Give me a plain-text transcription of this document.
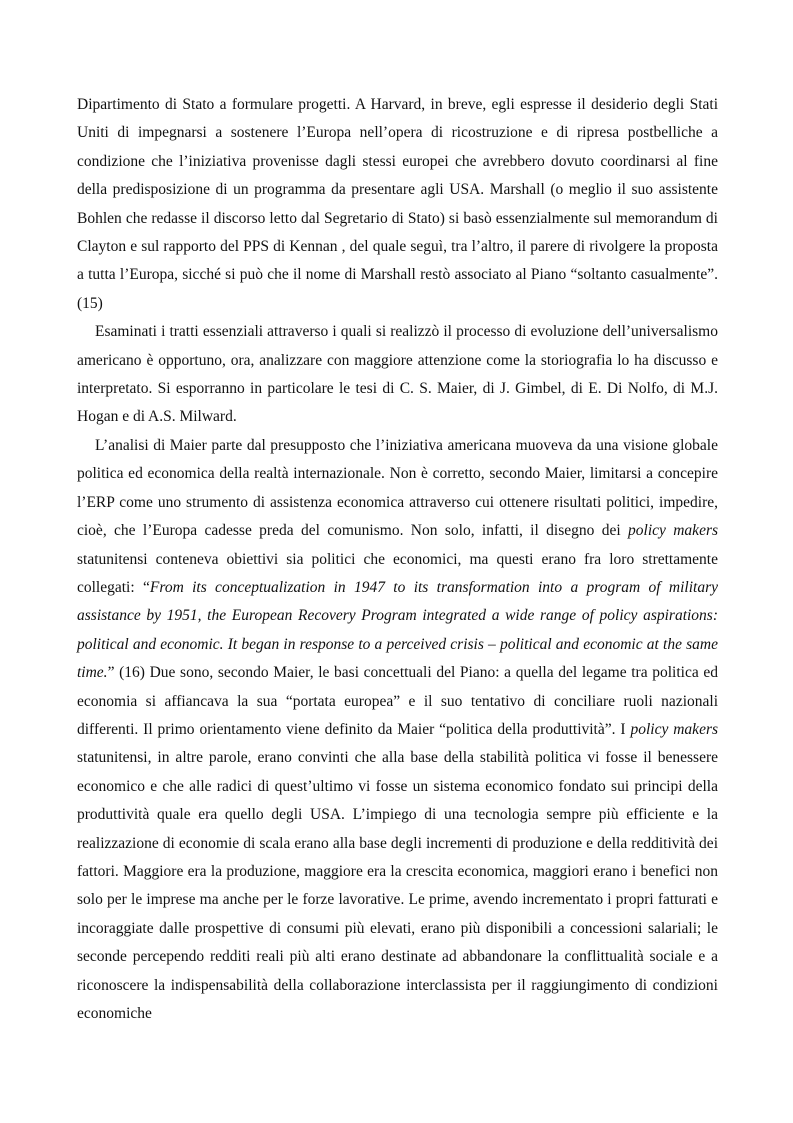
Dipartimento di Stato a formulare progetti. A Harvard, in breve, egli espresse il desiderio degli Stati Uniti di impegnarsi a sostenere l’Europa nell’opera di ricostruzione e di ripresa postbelliche a condizione che l’iniziativa provenisse dagli stessi europei che avrebbero dovuto coordinarsi al fine della predisposizione di un programma da presentare agli USA. Marshall (o meglio il suo assistente Bohlen che redasse il discorso letto dal Segretario di Stato) si basò essenzialmente sul memorandum di Clayton e sul rapporto del PPS di Kennan , del quale seguì, tra l’altro, il parere di rivolgere la proposta a tutta l’Europa, sicché si può che il nome di Marshall restò associato al Piano “soltanto casualmente”. (15)

Esaminati i tratti essenziali attraverso i quali si realizzò il processo di evoluzione dell’universalismo americano è opportuno, ora, analizzare con maggiore attenzione come la storiografia lo ha discusso e interpretato. Si esporranno in particolare le tesi di C. S. Maier, di J. Gimbel, di E. Di Nolfo, di M.J. Hogan e di A.S. Milward.

L’analisi di Maier parte dal presupposto che l’iniziativa americana muoveva da una visione globale politica ed economica della realtà internazionale. Non è corretto, secondo Maier, limitarsi a concepire l’ERP come uno strumento di assistenza economica attraverso cui ottenere risultati politici, impedire, cioè, che l’Europa cadesse preda del comunismo. Non solo, infatti, il disegno dei policy makers statunitensi conteneva obiettivi sia politici che economici, ma questi erano fra loro strettamente collegati: “From its conceptualization in 1947 to its transformation into a program of military assistance by 1951, the European Recovery Program integrated a wide range of policy aspirations: political and economic. It began in response to a perceived crisis – political and economic at the same time.” (16) Due sono, secondo Maier, le basi concettuali del Piano: a quella del legame tra politica ed economia si affiancava la sua “portata europea” e il suo tentativo di conciliare ruoli nazionali differenti. Il primo orientamento viene definito da Maier “politica della produttività”. I policy makers statunitensi, in altre parole, erano convinti che alla base della stabilità politica vi fosse il benessere economico e che alle radici di quest’ultimo vi fosse un sistema economico fondato sui principi della produttività quale era quello degli USA. L’impiego di una tecnologia sempre più efficiente e la realizzazione di economie di scala erano alla base degli incrementi di produzione e della redditività dei fattori. Maggiore era la produzione, maggiore era la crescita economica, maggiori erano i benefici non solo per le imprese ma anche per le forze lavorative. Le prime, avendo incrementato i propri fatturati e incoraggiate dalle prospettive di consumi più elevati, erano più disponibili a concessioni salariali; le seconde percependo redditi reali più alti erano destinate ad abbandonare la conflittualità sociale e a riconoscere la indispensabilità della collaborazione interclassista per il raggiungimento di condizioni economiche
